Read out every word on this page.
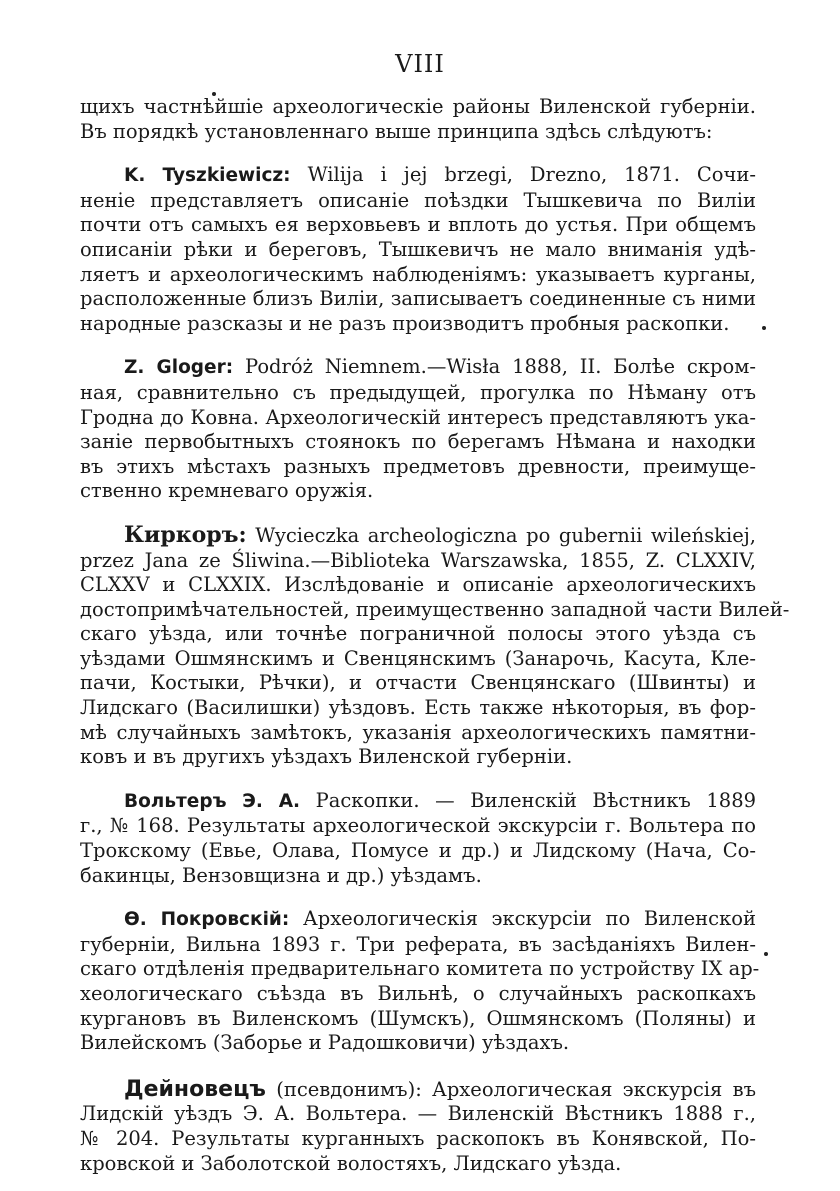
VIII
щихъ частнѣйшіе археологическіе районы Виленской губерніи.
Въ порядкѣ установленнаго выше принципа здѣсь слѣдуютъ:
K. Tyszkiewicz: Wilija i jej brzegi, Drezno, 1871. Сочи-
неніе представляетъ описаніе поѣздки Тышкевича по Виліи
почти отъ самыхъ ея верховьевъ и вплоть до устья. При общемъ
описаніи рѣки и береговъ, Тышкевичъ не мало вниманія удѣ-
ляетъ и археологическимъ наблюденіямъ: указываетъ курганы,
расположенные близъ Виліи, записываетъ соединенные съ ними
народные разсказы и не разъ производитъ пробныя раскопки.
Z. Gloger: Podróż Niemnem.—Wisła 1888, II. Болѣе скром-
ная, сравнительно съ предыдущей, прогулка по Нѣману отъ
Гродна до Ковна. Археологическій интересъ представляютъ ука-
заніе первобытныхъ стоянокъ по берегамъ Нѣмана и находки
въ этихъ мѣстахъ разныхъ предметовъ древности, преимуще-
ственно кремневаго оружія.
Киркоръ: Wycieczka archeologiczna po gubernii wileńskiej,
przez Jana ze Śliwina.—Biblioteka Warszawska, 1855, Z. CLXXIV,
CLXXV и CLXXIX. Изслѣдованіе и описаніе археологическихъ
достопримѣчательностей, преимущественно западной части Вилей-
скаго уѣзда, или точнѣе пограничной полосы этого уѣзда съ
уѣздами Ошмянскимъ и Свенцянскимъ (Занарочь, Касута, Кле-
пачи, Костыки, Рѣчки), и отчасти Свенцянскаго (Швинты) и
Лидскаго (Василишки) уѣздовъ. Есть также нѣкоторыя, въ фор-
мѣ случайныхъ замѣтокъ, указанія археологическихъ памятни-
ковъ и въ другихъ уѣздахъ Виленской губерніи.
Вольтеръ Э. А. Раскопки. — Виленскій Вѣстникъ 1889
г., № 168. Результаты археологической экскурсіи г. Вольтера по
Трокскому (Евье, Олава, Помусе и др.) и Лидскому (Нача, Со-
бакинцы, Вензовщизна и др.) уѣздамъ.
Ѳ. Покровскій: Археологическія экскурсіи по Виленской
губерніи, Вильна 1893 г. Три реферата, въ засѣданіяхъ Вилен-
скаго отдѣленія предварительнаго комитета по устройству IX ар-
хеологическаго съѣзда въ Вильнѣ, о случайныхъ раскопкахъ
кургановъ въ Виленскомъ (Шумскъ), Ошмянскомъ (Поляны) и
Вилейскомъ (Заборье и Радошковичи) уѣздахъ.
Дейновецъ (псевдонимъ): Археологическая экскурсія въ
Лидскій уѣздъ Э. А. Вольтера. — Виленскій Вѣстникъ 1888 г.,
№ 204. Результаты курганныхъ раскопокъ въ Конявской, По-
кровской и Заболотской волостяхъ, Лидскаго уѣзда.
